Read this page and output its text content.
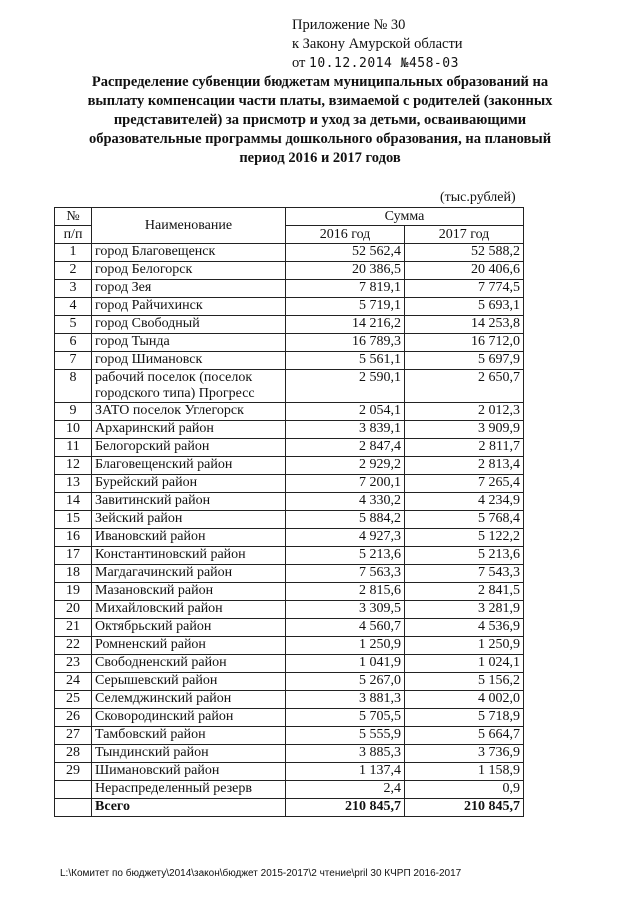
Приложение № 30
к Закону Амурской области
от 10.12.2014 №458-03
Распределение субвенции бюджетам муниципальных образований на
выплату компенсации части платы, взимаемой с родителей (законных
представителей) за присмотр и уход за детьми, осваивающими
образовательные программы дошкольного образования, на плановый
период 2016 и 2017 годов
(тыс.рублей)
№	Наименование	Сумма	
п/п		2016 год	2017 год
1	город Благовещенск	52 562,4	52 588,2
2	город Белогорск	20 386,5	20 406,6
3	город Зея	7 819,1	7 774,5
4	город Райчихинск	5 719,1	5 693,1
5	город Свободный	14 216,2	14 253,8
6	город Тында	16 789,3	16 712,0
7	город Шимановск	5 561,1	5 697,9
8	рабочий поселок (поселок городского типа) Прогресс	2 590,1	2 650,7
9	ЗАТО поселок Углегорск	2 054,1	2 012,3
10	Архаринский район	3 839,1	3 909,9
11	Белогорский район	2 847,4	2 811,7
12	Благовещенский район	2 929,2	2 813,4
13	Бурейский район	7 200,1	7 265,4
14	Завитинский район	4 330,2	4 234,9
15	Зейский район	5 884,2	5 768,4
16	Ивановский район	4 927,3	5 122,2
17	Константиновский район	5 213,6	5 213,6
18	Магдагачинский район	7 563,3	7 543,3
19	Мазановский район	2 815,6	2 841,5
20	Михайловский район	3 309,5	3 281,9
21	Октябрьский район	4 560,7	4 536,9
22	Ромненский район	1 250,9	1 250,9
23	Свободненский район	1 041,9	1 024,1
24	Серышевский район	5 267,0	5 156,2
25	Селемджинский район	3 881,3	4 002,0
26	Сковородинский район	5 705,5	5 718,9
27	Тамбовский район	5 555,9	5 664,7
28	Тындинский район	3 885,3	3 736,9
29	Шимановский район	1 137,4	1 158,9
	Нераспределенный резерв	2,4	0,9
	Всего	210 845,7	210 845,7
L:\Комитет по бюджету\2014\закон\бюджет 2015-2017\2 чтение\pril 30 КЧРП 2016-2017
